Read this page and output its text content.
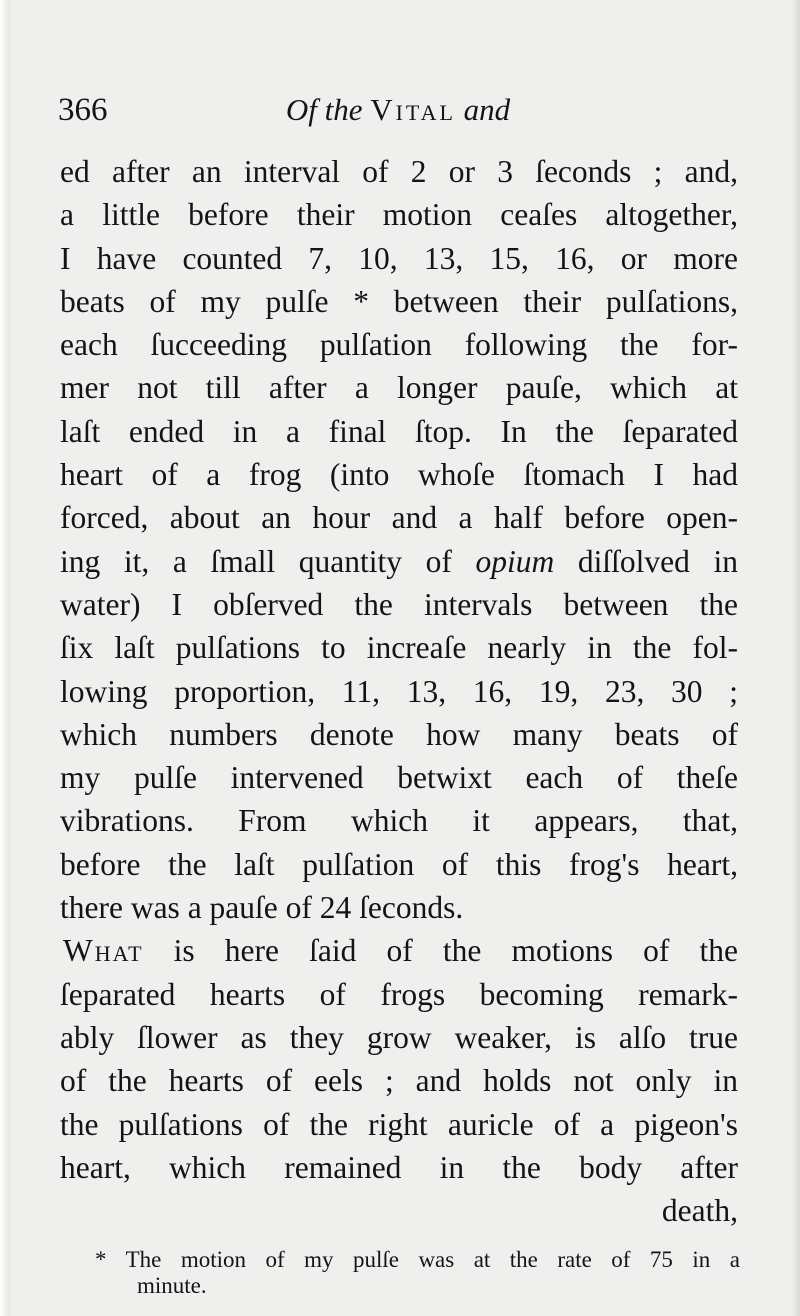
366	Of the Vital and
ed after an interval of 2 or 3 ſeconds ; and,
a little before their motion ceaſes altogether,
I have counted 7, 10, 13, 15, 16, or more
beats of my pulſe * between their pulſations,
each ſucceeding pulſation following the for-
mer not till after a longer pauſe, which at
laſt ended in a final ſtop. In the ſeparated
heart of a frog (into whoſe ſtomach I had
forced, about an hour and a half before open-
ing it, a ſmall quantity of opium diſſolved in
water) I obſerved the intervals between the
ſix laſt pulſations to increaſe nearly in the fol-
lowing proportion, 11, 13, 16, 19, 23, 30 ;
which numbers denote how many beats of
my pulſe intervened betwixt each of theſe
vibrations. From which it appears, that,
before the laſt pulſation of this frog's heart,
there was a pauſe of 24 ſeconds.
What is here ſaid of the motions of the
ſeparated hearts of frogs becoming remark-
ably ſlower as they grow weaker, is alſo true
of the hearts of eels ; and holds not only in
the pulſations of the right auricle of a pigeon's
heart, which remained in the body after
death,
* The motion of my pulſe was at the rate of 75 in a
minute.
